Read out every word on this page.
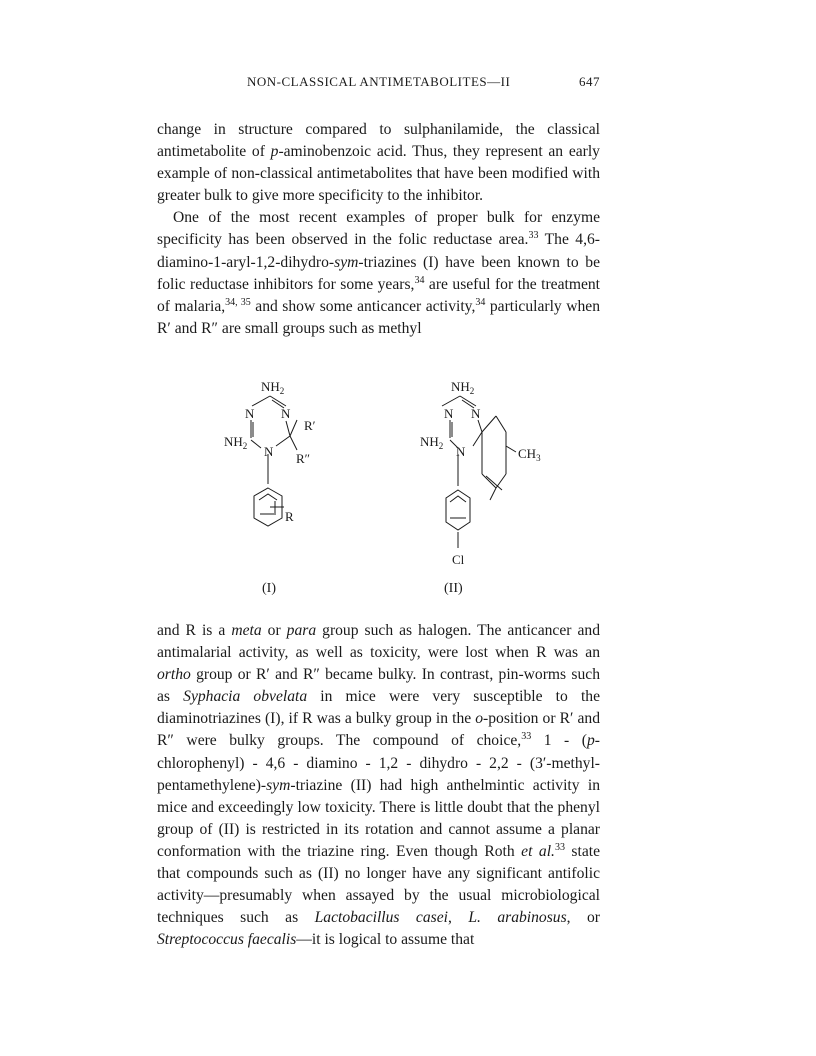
NON-CLASSICAL ANTIMETABOLITES—II	647

change in structure compared to sulphanilamide, the classical antimetabolite of p-aminobenzoic acid. Thus, they represent an early example of non-classical antimetabolites that have been modified with greater bulk to give more specificity to the inhibitor.

One of the most recent examples of proper bulk for enzyme specificity has been observed in the folic reductase area.$^{33}$ The 4,6-diamino-1-aryl-1,2-dihydro-sym-triazines (I) have been known to be folic reductase inhibitors for some years,$^{34}$ are useful for the treatment of malaria,$^{34, 35}$ and show some anticancer activity,$^{34}$ particularly when R′ and R″ are small groups such as methyl

$NH_2$
N N
R′
$NH_2$ N R″
R
(I)
$NH_2$
N N
$NH_2$ N	$CH_3$
Cl
(II)

and R is a meta or para group such as halogen. The anticancer and antimalarial activity, as well as toxicity, were lost when R was an ortho group or R′ and R″ became bulky. In contrast, pin-worms such as Syphacia obvelata in mice were very susceptible to the diaminotriazines (I), if R was a bulky group in the o-position or R′ and R″ were bulky groups. The compound of choice,$^{33}$ 1 - (p-chlorophenyl) - 4,6 - diamino - 1,2 - dihydro - 2,2 - (3′-methyl-pentamethylene)-sym-triazine (II) had high anthelmintic activity in mice and exceedingly low toxicity. There is little doubt that the phenyl group of (II) is restricted in its rotation and cannot assume a planar conformation with the triazine ring. Even though Roth et al.$^{33}$ state that compounds such as (II) no longer have any significant antifolic activity—presumably when assayed by the usual microbiological techniques such as Lactobacillus casei, L. arabinosus, or Streptococcus faecalis—it is logical to assume that
